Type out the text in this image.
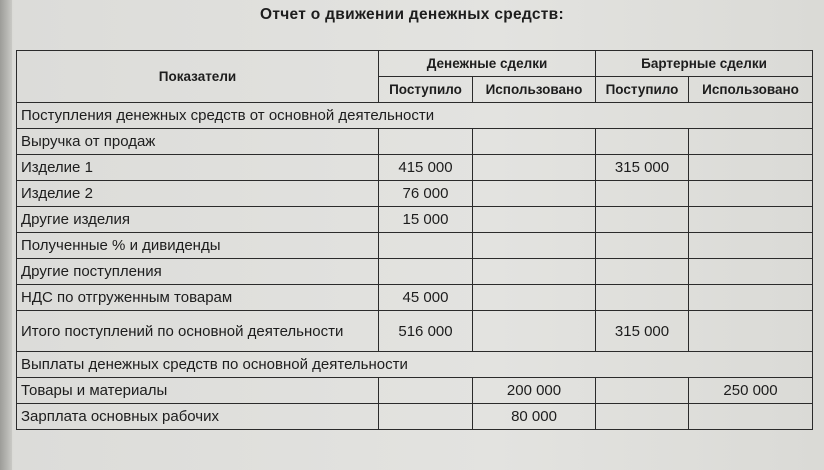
Отчет о движении денежных средств:
Показатели	Денежные сделки		Бартерные сделки	
	Поступило	Использовано	Поступило	Использовано
Поступления денежных средств от основной деятельности				
Выручка от продаж				
Изделие 1	415 000		315 000	
Изделие 2	76 000			
Другие изделия	15 000			
Полученные % и дивиденды				
Другие поступления				
НДС по отгруженным товарам	45 000			
Итого поступлений по основной деятельности	516 000		315 000	
Выплаты денежных средств по основной деятельности				
Товары и материалы		200 000		250 000
Зарплата основных рабочих		80 000		
